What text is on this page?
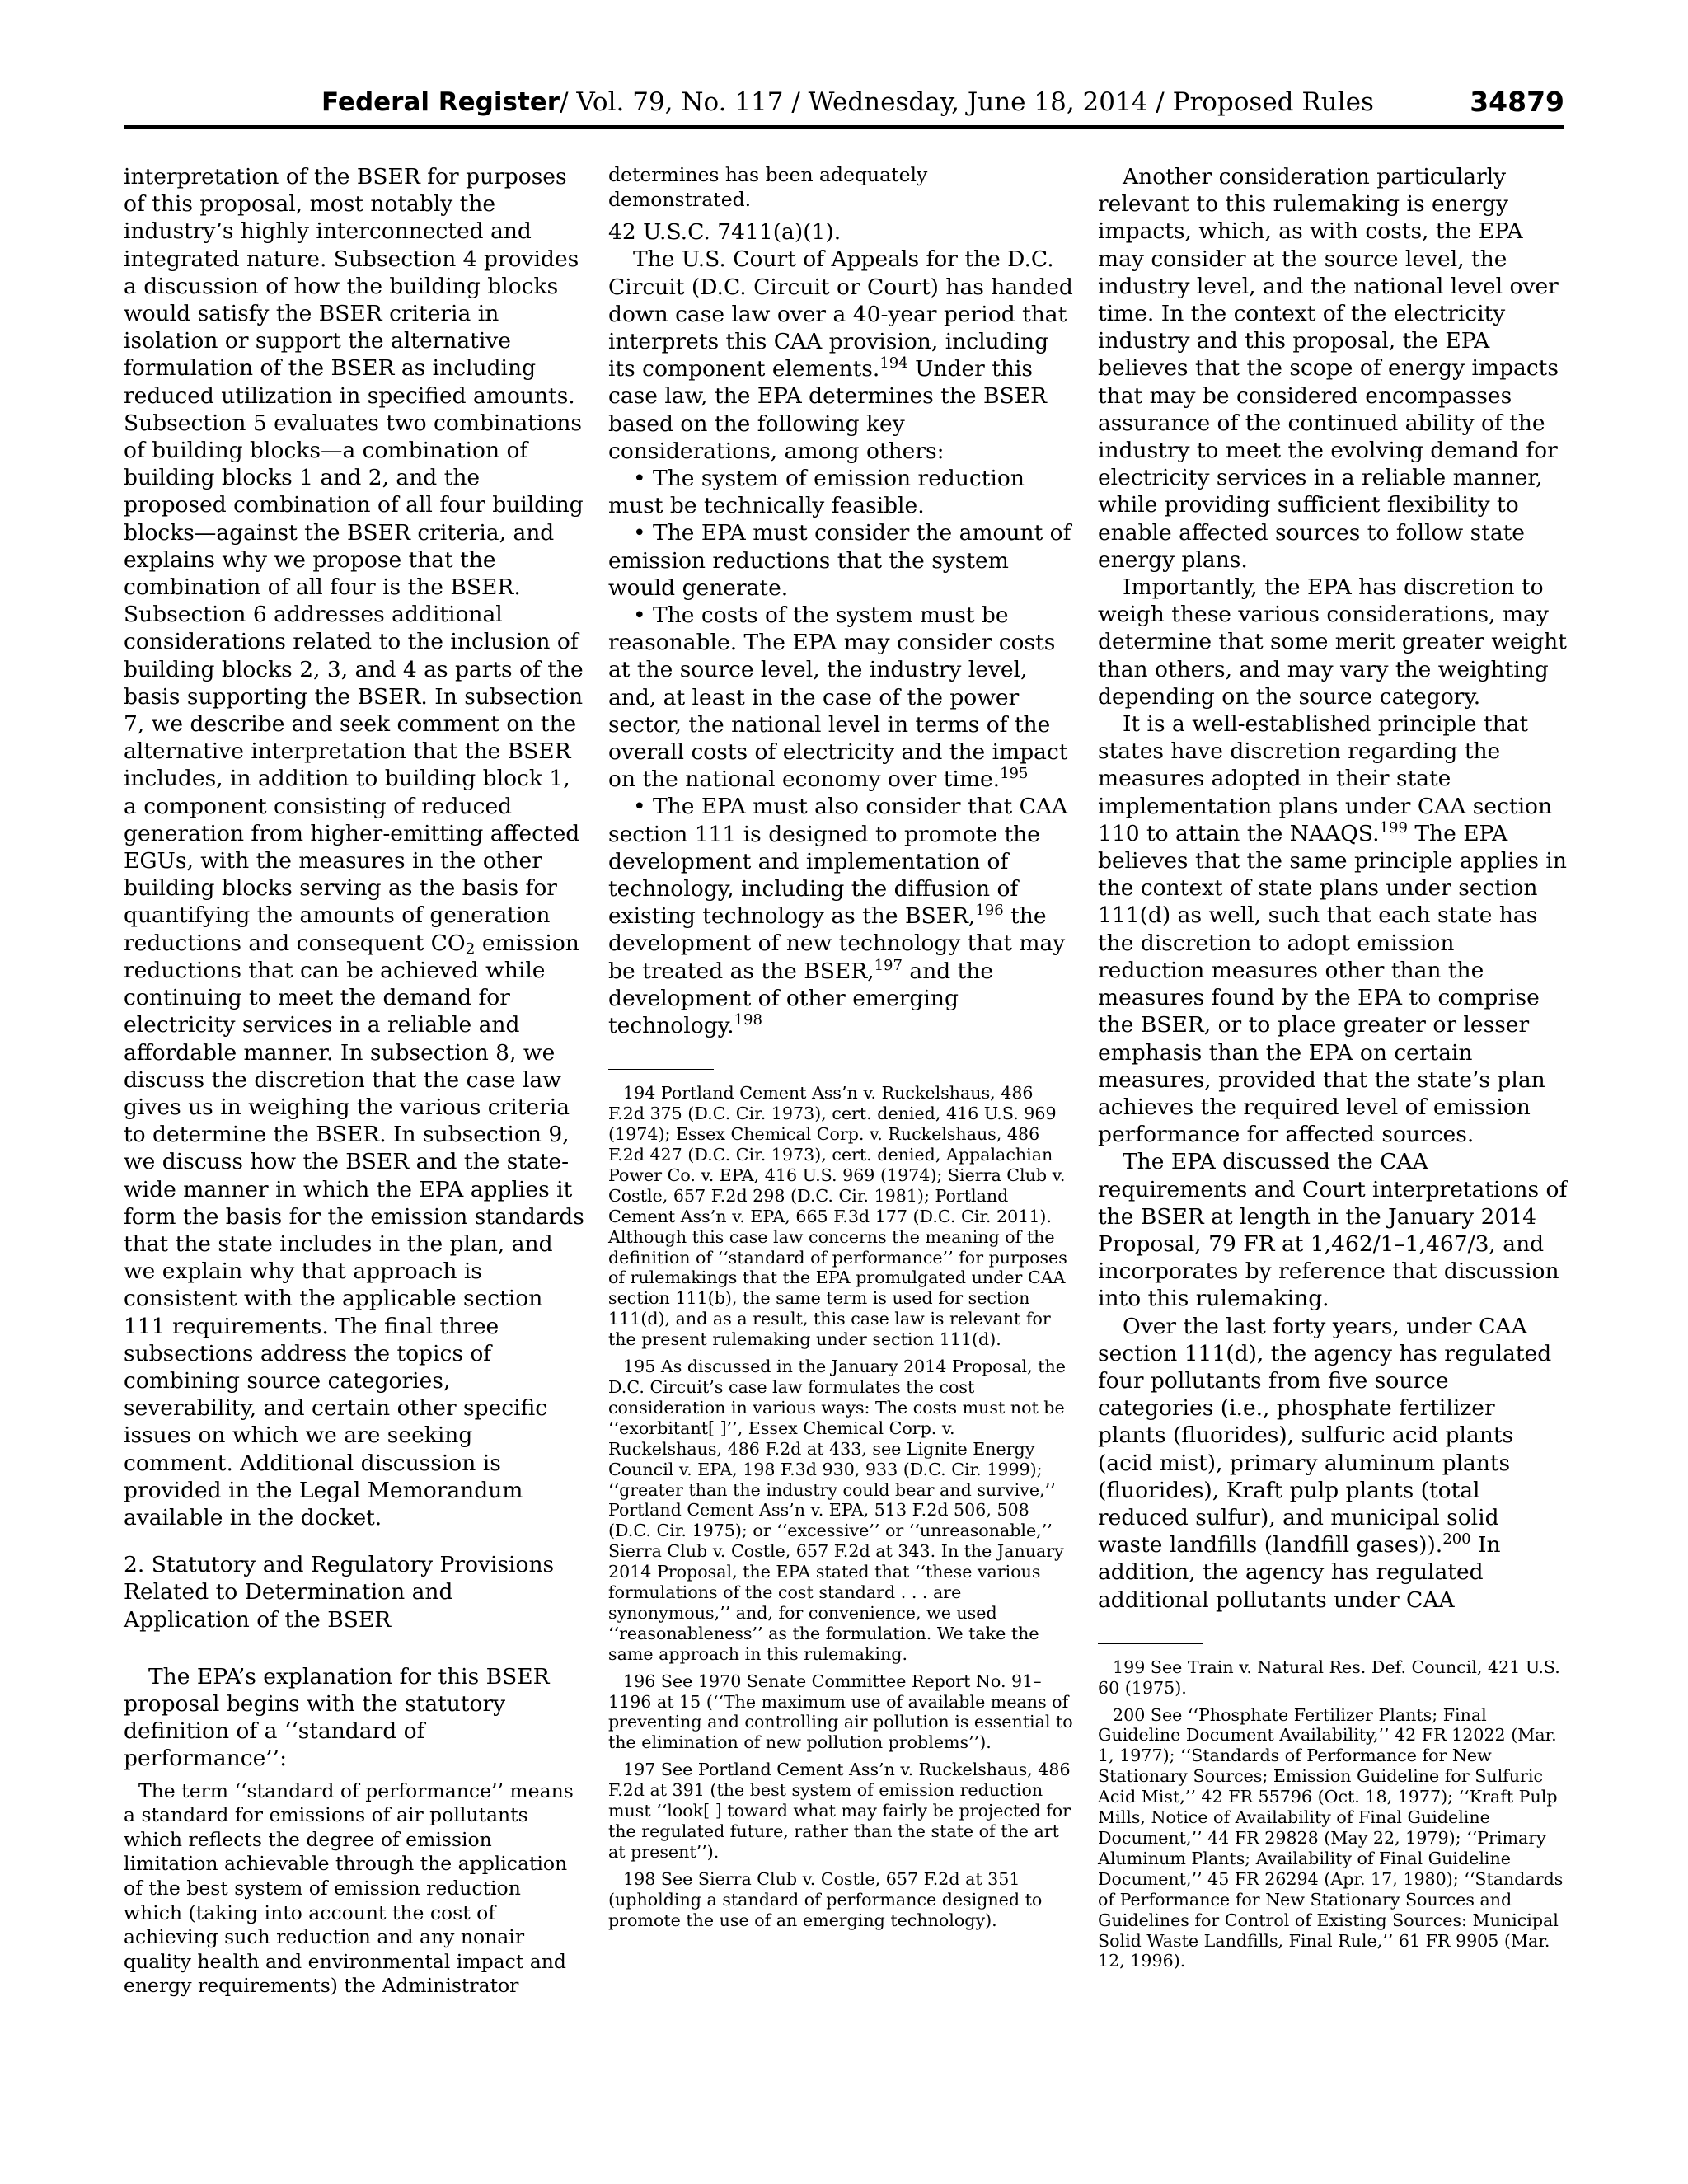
Federal Register/ Vol. 79, No. 117 / Wednesday, June 18, 2014 / Proposed Rules	34879

interpretation of the BSER for purposes of this proposal, most notably the industry’s highly interconnected and integrated nature. Subsection 4 provides a discussion of how the building blocks would satisfy the BSER criteria in isolation or support the alternative formulation of the BSER as including reduced utilization in specified amounts. Subsection 5 evaluates two combinations of building blocks—a combination of building blocks 1 and 2, and the proposed combination of all four building blocks—against the BSER criteria, and explains why we propose that the combination of all four is the BSER. Subsection 6 addresses additional considerations related to the inclusion of building blocks 2, 3, and 4 as parts of the basis supporting the BSER. In subsection 7, we describe and seek comment on the alternative interpretation that the BSER includes, in addition to building block 1, a component consisting of reduced generation from higher-emitting affected EGUs, with the measures in the other building blocks serving as the basis for quantifying the amounts of generation reductions and consequent $CO_2$ emission reductions that can be achieved while continuing to meet the demand for electricity services in a reliable and affordable manner. In subsection 8, we discuss the discretion that the case law gives us in weighing the various criteria to determine the BSER. In subsection 9, we discuss how the BSER and the state-wide manner in which the EPA applies it form the basis for the emission standards that the state includes in the plan, and we explain why that approach is consistent with the applicable section 111 requirements. The final three subsections address the topics of combining source categories, severability, and certain other specific issues on which we are seeking comment. Additional discussion is provided in the Legal Memorandum available in the docket.

2. Statutory and Regulatory Provisions Related to Determination and Application of the BSER

The EPA’s explanation for this BSER proposal begins with the statutory definition of a ‘‘standard of performance’’:

The term ‘‘standard of performance’’ means a standard for emissions of air pollutants which reflects the degree of emission limitation achievable through the application of the best system of emission reduction which (taking into account the cost of achieving such reduction and any nonair quality health and environmental impact and energy requirements) the Administrator

determines has been adequately demonstrated.

42 U.S.C. 7411(a)(1).

The U.S. Court of Appeals for the D.C. Circuit (D.C. Circuit or Court) has handed down case law over a 40-year period that interprets this CAA provision, including its component elements.$^{194}$ Under this case law, the EPA determines the BSER based on the following key considerations, among others:

• The system of emission reduction must be technically feasible.

• The EPA must consider the amount of emission reductions that the system would generate.

• The costs of the system must be reasonable. The EPA may consider costs at the source level, the industry level, and, at least in the case of the power sector, the national level in terms of the overall costs of electricity and the impact on the national economy over time.$^{195}$

• The EPA must also consider that CAA section 111 is designed to promote the development and implementation of technology, including the diffusion of existing technology as the BSER,$^{196}$ the development of new technology that may be treated as the BSER,$^{197}$ and the development of other emerging technology.$^{198}$

194 Portland Cement Ass’n v. Ruckelshaus, 486 F.2d 375 (D.C. Cir. 1973), cert. denied, 416 U.S. 969 (1974); Essex Chemical Corp. v. Ruckelshaus, 486 F.2d 427 (D.C. Cir. 1973), cert. denied, Appalachian Power Co. v. EPA, 416 U.S. 969 (1974); Sierra Club v. Costle, 657 F.2d 298 (D.C. Cir. 1981); Portland Cement Ass’n v. EPA, 665 F.3d 177 (D.C. Cir. 2011). Although this case law concerns the meaning of the definition of ‘‘standard of performance’’ for purposes of rulemakings that the EPA promulgated under CAA section 111(b), the same term is used for section 111(d), and as a result, this case law is relevant for the present rulemaking under section 111(d).

195 As discussed in the January 2014 Proposal, the D.C. Circuit’s case law formulates the cost consideration in various ways: The costs must not be ‘‘exorbitant[ ]’’, Essex Chemical Corp. v. Ruckelshaus, 486 F.2d at 433, see Lignite Energy Council v. EPA, 198 F.3d 930, 933 (D.C. Cir. 1999); ‘‘greater than the industry could bear and survive,’’ Portland Cement Ass’n v. EPA, 513 F.2d 506, 508 (D.C. Cir. 1975); or ‘‘excessive’’ or ‘‘unreasonable,’’ Sierra Club v. Costle, 657 F.2d at 343. In the January 2014 Proposal, the EPA stated that ‘‘these various formulations of the cost standard . . . are synonymous,’’ and, for convenience, we used ‘‘reasonableness’’ as the formulation. We take the same approach in this rulemaking.

196 See 1970 Senate Committee Report No. 91–1196 at 15 (‘‘The maximum use of available means of preventing and controlling air pollution is essential to the elimination of new pollution problems’’).

197 See Portland Cement Ass’n v. Ruckelshaus, 486 F.2d at 391 (the best system of emission reduction must ‘‘look[ ] toward what may fairly be projected for the regulated future, rather than the state of the art at present’’).

198 See Sierra Club v. Costle, 657 F.2d at 351 (upholding a standard of performance designed to promote the use of an emerging technology).

Another consideration particularly relevant to this rulemaking is energy impacts, which, as with costs, the EPA may consider at the source level, the industry level, and the national level over time. In the context of the electricity industry and this proposal, the EPA believes that the scope of energy impacts that may be considered encompasses assurance of the continued ability of the industry to meet the evolving demand for electricity services in a reliable manner, while providing sufficient flexibility to enable affected sources to follow state energy plans.

Importantly, the EPA has discretion to weigh these various considerations, may determine that some merit greater weight than others, and may vary the weighting depending on the source category.

It is a well-established principle that states have discretion regarding the measures adopted in their state implementation plans under CAA section 110 to attain the NAAQS.$^{199}$ The EPA believes that the same principle applies in the context of state plans under section 111(d) as well, such that each state has the discretion to adopt emission reduction measures other than the measures found by the EPA to comprise the BSER, or to place greater or lesser emphasis than the EPA on certain measures, provided that the state’s plan achieves the required level of emission performance for affected sources.

The EPA discussed the CAA requirements and Court interpretations of the BSER at length in the January 2014 Proposal, 79 FR at 1,462/1–1,467/3, and incorporates by reference that discussion into this rulemaking.

Over the last forty years, under CAA section 111(d), the agency has regulated four pollutants from five source categories (i.e., phosphate fertilizer plants (fluorides), sulfuric acid plants (acid mist), primary aluminum plants (fluorides), Kraft pulp plants (total reduced sulfur), and municipal solid waste landfills (landfill gases)).$^{200}$ In addition, the agency has regulated additional pollutants under CAA

199 See Train v. Natural Res. Def. Council, 421 U.S. 60 (1975).

200 See ‘‘Phosphate Fertilizer Plants; Final Guideline Document Availability,’’ 42 FR 12022 (Mar. 1, 1977); ‘‘Standards of Performance for New Stationary Sources; Emission Guideline for Sulfuric Acid Mist,’’ 42 FR 55796 (Oct. 18, 1977); ‘‘Kraft Pulp Mills, Notice of Availability of Final Guideline Document,’’ 44 FR 29828 (May 22, 1979); ‘‘Primary Aluminum Plants; Availability of Final Guideline Document,’’ 45 FR 26294 (Apr. 17, 1980); ‘‘Standards of Performance for New Stationary Sources and Guidelines for Control of Existing Sources: Municipal Solid Waste Landfills, Final Rule,’’ 61 FR 9905 (Mar. 12, 1996).
